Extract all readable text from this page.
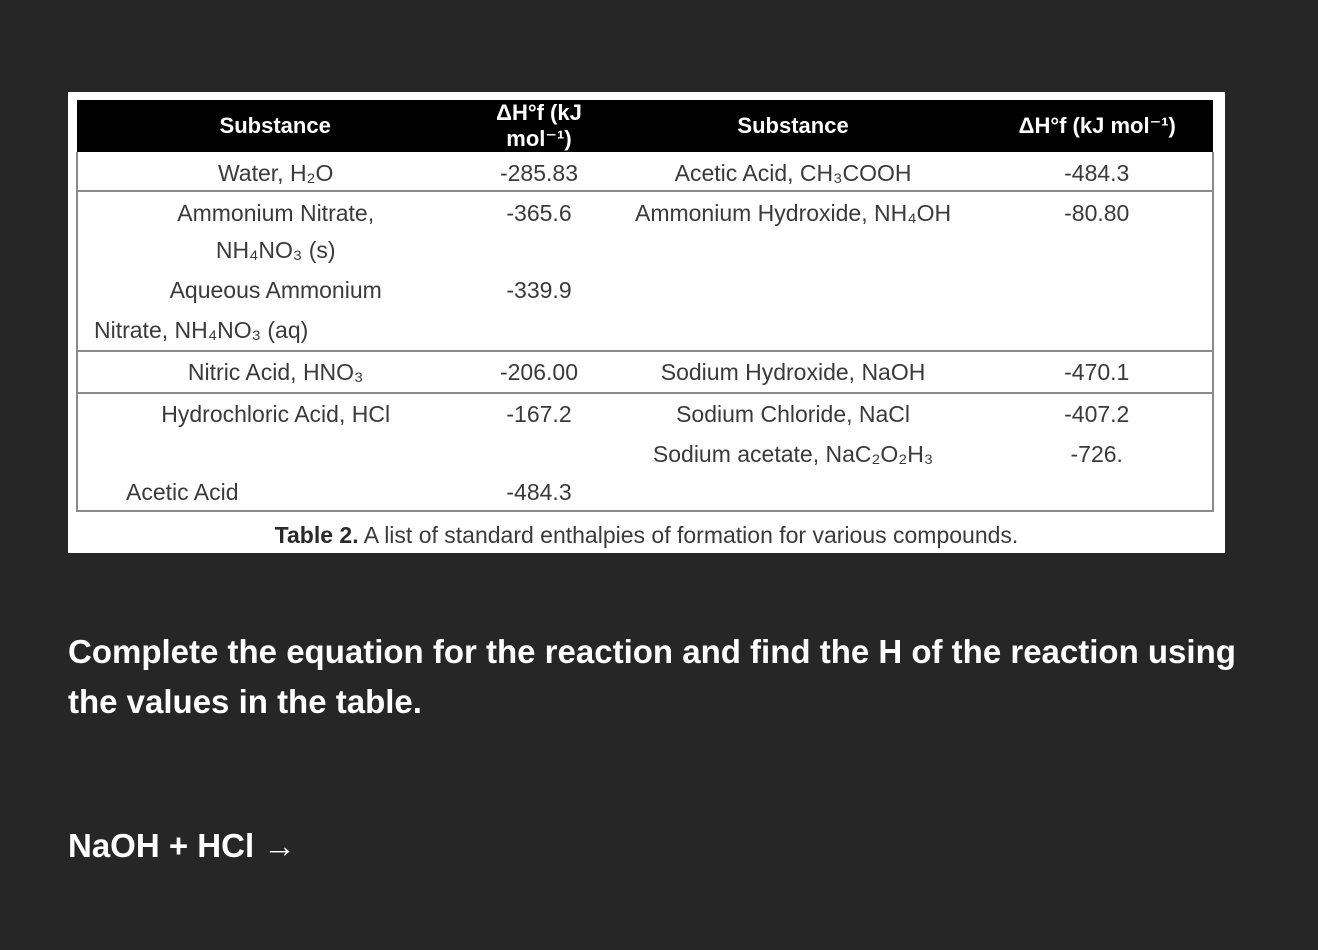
Substance	ΔH°f (kJ mol⁻¹)	Substance	ΔH°f (kJ mol⁻¹)

Water, H₂O	-285.83	Acetic Acid, CH₃COOH	-484.3

Ammonium Nitrate,
NH₄NO₃ (s)	-365.6	Ammonium Hydroxide, NH₄OH	-80.80

Aqueous Ammonium
Nitrate, NH₄NO₃ (aq)	-339.9		

Nitric Acid, HNO₃	-206.00	Sodium Hydroxide, NaOH	-470.1

Hydrochloric Acid, HCl	-167.2	Sodium Chloride, NaCl	-407.2

		Sodium acetate, NaC₂O₂H₃	-726.

Acetic Acid	-484.3		

Table 2. A list of standard enthalpies of formation for various compounds.
Complete the equation for the reaction and find the H of the reaction using the values in the table.
NaOH + HCl →
